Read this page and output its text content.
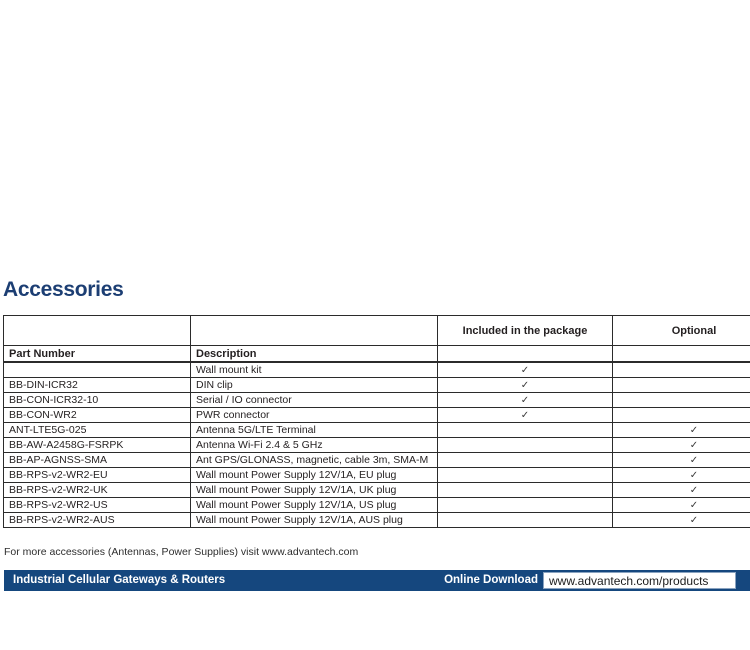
Accessories
		Included in the package	Optional
Part Number	Description		
	Wall mount kit	✓	
BB-DIN-ICR32	DIN clip	✓	
BB-CON-ICR32-10	Serial / IO connector	✓	
BB-CON-WR2	PWR connector	✓	
ANT-LTE5G-025	Antenna 5G/LTE Terminal		✓
BB-AW-A2458G-FSRPK	Antenna Wi-Fi 2.4 & 5 GHz		✓
BB-AP-AGNSS-SMA	Ant GPS/GLONASS, magnetic, cable 3m, SMA-M		✓
BB-RPS-v2-WR2-EU	Wall mount Power Supply 12V/1A, EU plug		✓
BB-RPS-v2-WR2-UK	Wall mount Power Supply 12V/1A, UK plug		✓
BB-RPS-v2-WR2-US	Wall mount Power Supply 12V/1A, US plug		✓
BB-RPS-v2-WR2-AUS	Wall mount Power Supply 12V/1A, AUS plug		✓
For more accessories (Antennas, Power Supplies) visit www.advantech.com
Industrial Cellular Gateways & Routers	Online Download www.advantech.com/products
